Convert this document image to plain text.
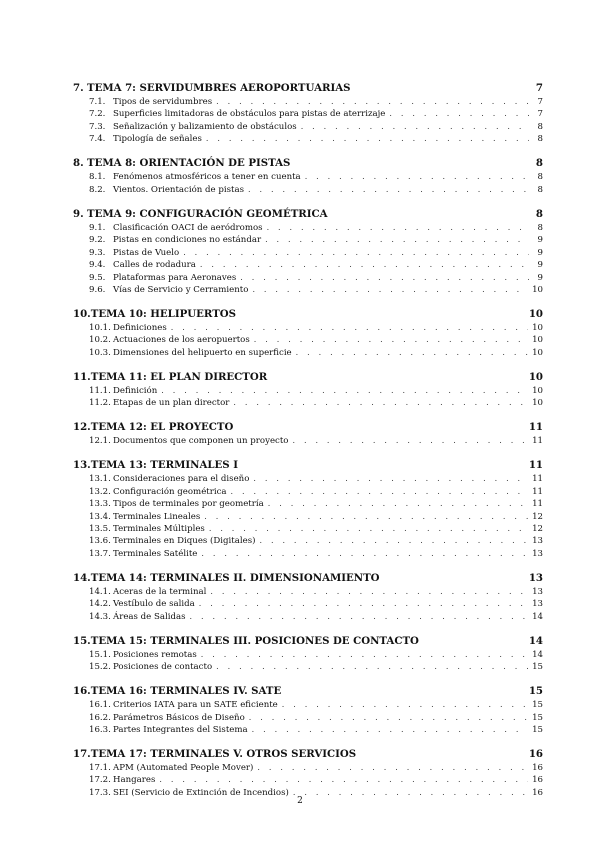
7. TEMA 7: SERVIDUMBRES AEROPORTUARIAS	7
7.1. Tipos de servidumbres . . .	7
7.2. Superficies limitadoras de obstáculos para pistas de aterrizaje . . .	7
7.3. Señalización y balizamiento de obstáculos . . .	8
7.4. Tipología de señales . . .	8
8. TEMA 8: ORIENTACIÓN DE PISTAS	8
8.1. Fenómenos atmosféricos a tener en cuenta . . .	8
8.2. Vientos. Orientación de pistas . . .	8
9. TEMA 9: CONFIGURACIÓN GEOMÉTRICA	8
9.1. Clasificación OACI de aeródromos . . .	8
9.2. Pistas en condiciones no estándar . . .	9
9.3. Pistas de Vuelo . . .	9
9.4. Calles de rodadura . . .	9
9.5. Plataformas para Aeronaves . . .	9
9.6. Vías de Servicio y Cerramiento . . .	10
10.TEMA 10: HELIPUERTOS	10
10.1. Definiciones . . .	10
10.2. Actuaciones de los aeropuertos . . .	10
10.3. Dimensiones del helipuerto en superficie . . .	10
11.TEMA 11: EL PLAN DIRECTOR	10
11.1. Definición . . .	10
11.2. Etapas de un plan director . . .	10
12.TEMA 12: EL PROYECTO	11
12.1. Documentos que componen un proyecto . . .	11
13.TEMA 13: TERMINALES I	11
13.1. Consideraciones para el diseño . . .	11
13.2. Configuración geométrica . . .	11
13.3. Tipos de terminales por geometría . . .	11
13.4. Terminales Lineales . . .	12
13.5. Terminales Múltiples . . .	12
13.6. Terminales en Diques (Digitales) . . .	13
13.7. Terminales Satélite . . .	13
14.TEMA 14: TERMINALES II. DIMENSIONAMIENTO	13
14.1. Aceras de la terminal . . .	13
14.2. Vestíbulo de salida . . .	13
14.3. Áreas de Salidas . . .	14
15.TEMA 15: TERMINALES III. POSICIONES DE CONTACTO	14
15.1. Posiciones remotas . . .	14
15.2. Posiciones de contacto . . .	15
16.TEMA 16: TERMINALES IV. SATE	15
16.1. Criterios IATA para un SATE eficiente . . .	15
16.2. Parámetros Básicos de Diseño . . .	15
16.3. Partes Integrantes del Sistema . . .	15
17.TEMA 17: TERMINALES V. OTROS SERVICIOS	16
17.1. APM (Automated People Mover) . . .	16
17.2. Hangares . . .	16
17.3. SEI (Servicio de Extinción de Incendios) . . .	16
2
